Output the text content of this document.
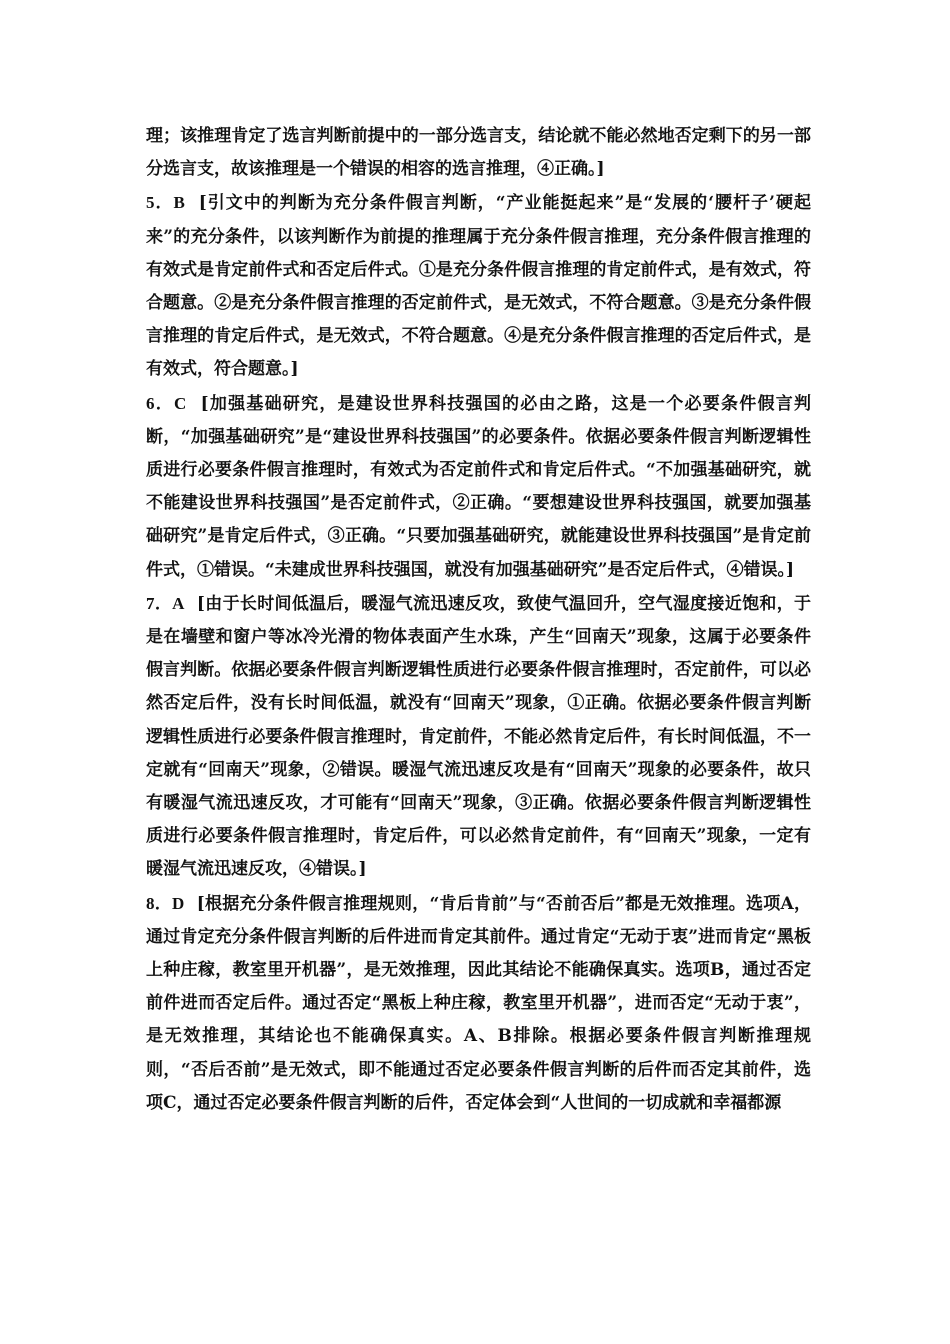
理；该推理肯定了选言判断前提中的一部分选言支，结论就不能必然地否定剩下的另一部分选言支，故该推理是一个错误的相容的选言推理，④正确。]

5．B [引文中的判断为充分条件假言判断，“产业能挺起来”是“发展的‘腰杆子’硬起来”的充分条件，以该判断作为前提的推理属于充分条件假言推理，充分条件假言推理的有效式是肯定前件式和否定后件式。①是充分条件假言推理的肯定前件式，是有效式，符合题意。②是充分条件假言推理的否定前件式，是无效式，不符合题意。③是充分条件假言推理的肯定后件式，是无效式，不符合题意。④是充分条件假言推理的否定后件式，是有效式，符合题意。]

6．C [加强基础研究，是建设世界科技强国的必由之路，这是一个必要条件假言判断，“加强基础研究”是“建设世界科技强国”的必要条件。依据必要条件假言判断逻辑性质进行必要条件假言推理时，有效式为否定前件式和肯定后件式。“不加强基础研究，就不能建设世界科技强国”是否定前件式，②正确。“要想建设世界科技强国，就要加强基础研究”是肯定后件式，③正确。“只要加强基础研究，就能建设世界科技强国”是肯定前件式，①错误。“未建成世界科技强国，就没有加强基础研究”是否定后件式，④错误。]

7．A [由于长时间低温后，暖湿气流迅速反攻，致使气温回升，空气湿度接近饱和，于是在墙壁和窗户等冰冷光滑的物体表面产生水珠，产生“回南天”现象，这属于必要条件假言判断。依据必要条件假言判断逻辑性质进行必要条件假言推理时，否定前件，可以必然否定后件，没有长时间低温，就没有“回南天”现象，①正确。依据必要条件假言判断逻辑性质进行必要条件假言推理时，肯定前件，不能必然肯定后件，有长时间低温，不一定就有“回南天”现象，②错误。暖湿气流迅速反攻是有“回南天”现象的必要条件，故只有暖湿气流迅速反攻，才可能有“回南天”现象，③正确。依据必要条件假言判断逻辑性质进行必要条件假言推理时，肯定后件，可以必然肯定前件，有“回南天”现象，一定有暖湿气流迅速反攻，④错误。]

8．D [根据充分条件假言推理规则，“肯后肯前”与“否前否后”都是无效推理。选项A，通过肯定充分条件假言判断的后件进而肯定其前件。通过肯定“无动于衷”进而肯定“黑板上种庄稼，教室里开机器”，是无效推理，因此其结论不能确保真实。选项B，通过否定前件进而否定后件。通过否定“黑板上种庄稼，教室里开机器”，进而否定“无动于衷”，是无效推理，其结论也不能确保真实。A、B排除。根据必要条件假言判断推理规则，“否后否前”是无效式，即不能通过否定必要条件假言判断的后件而否定其前件，选项C，通过否定必要条件假言判断的后件，否定体会到“人世间的一切成就和幸福都源
